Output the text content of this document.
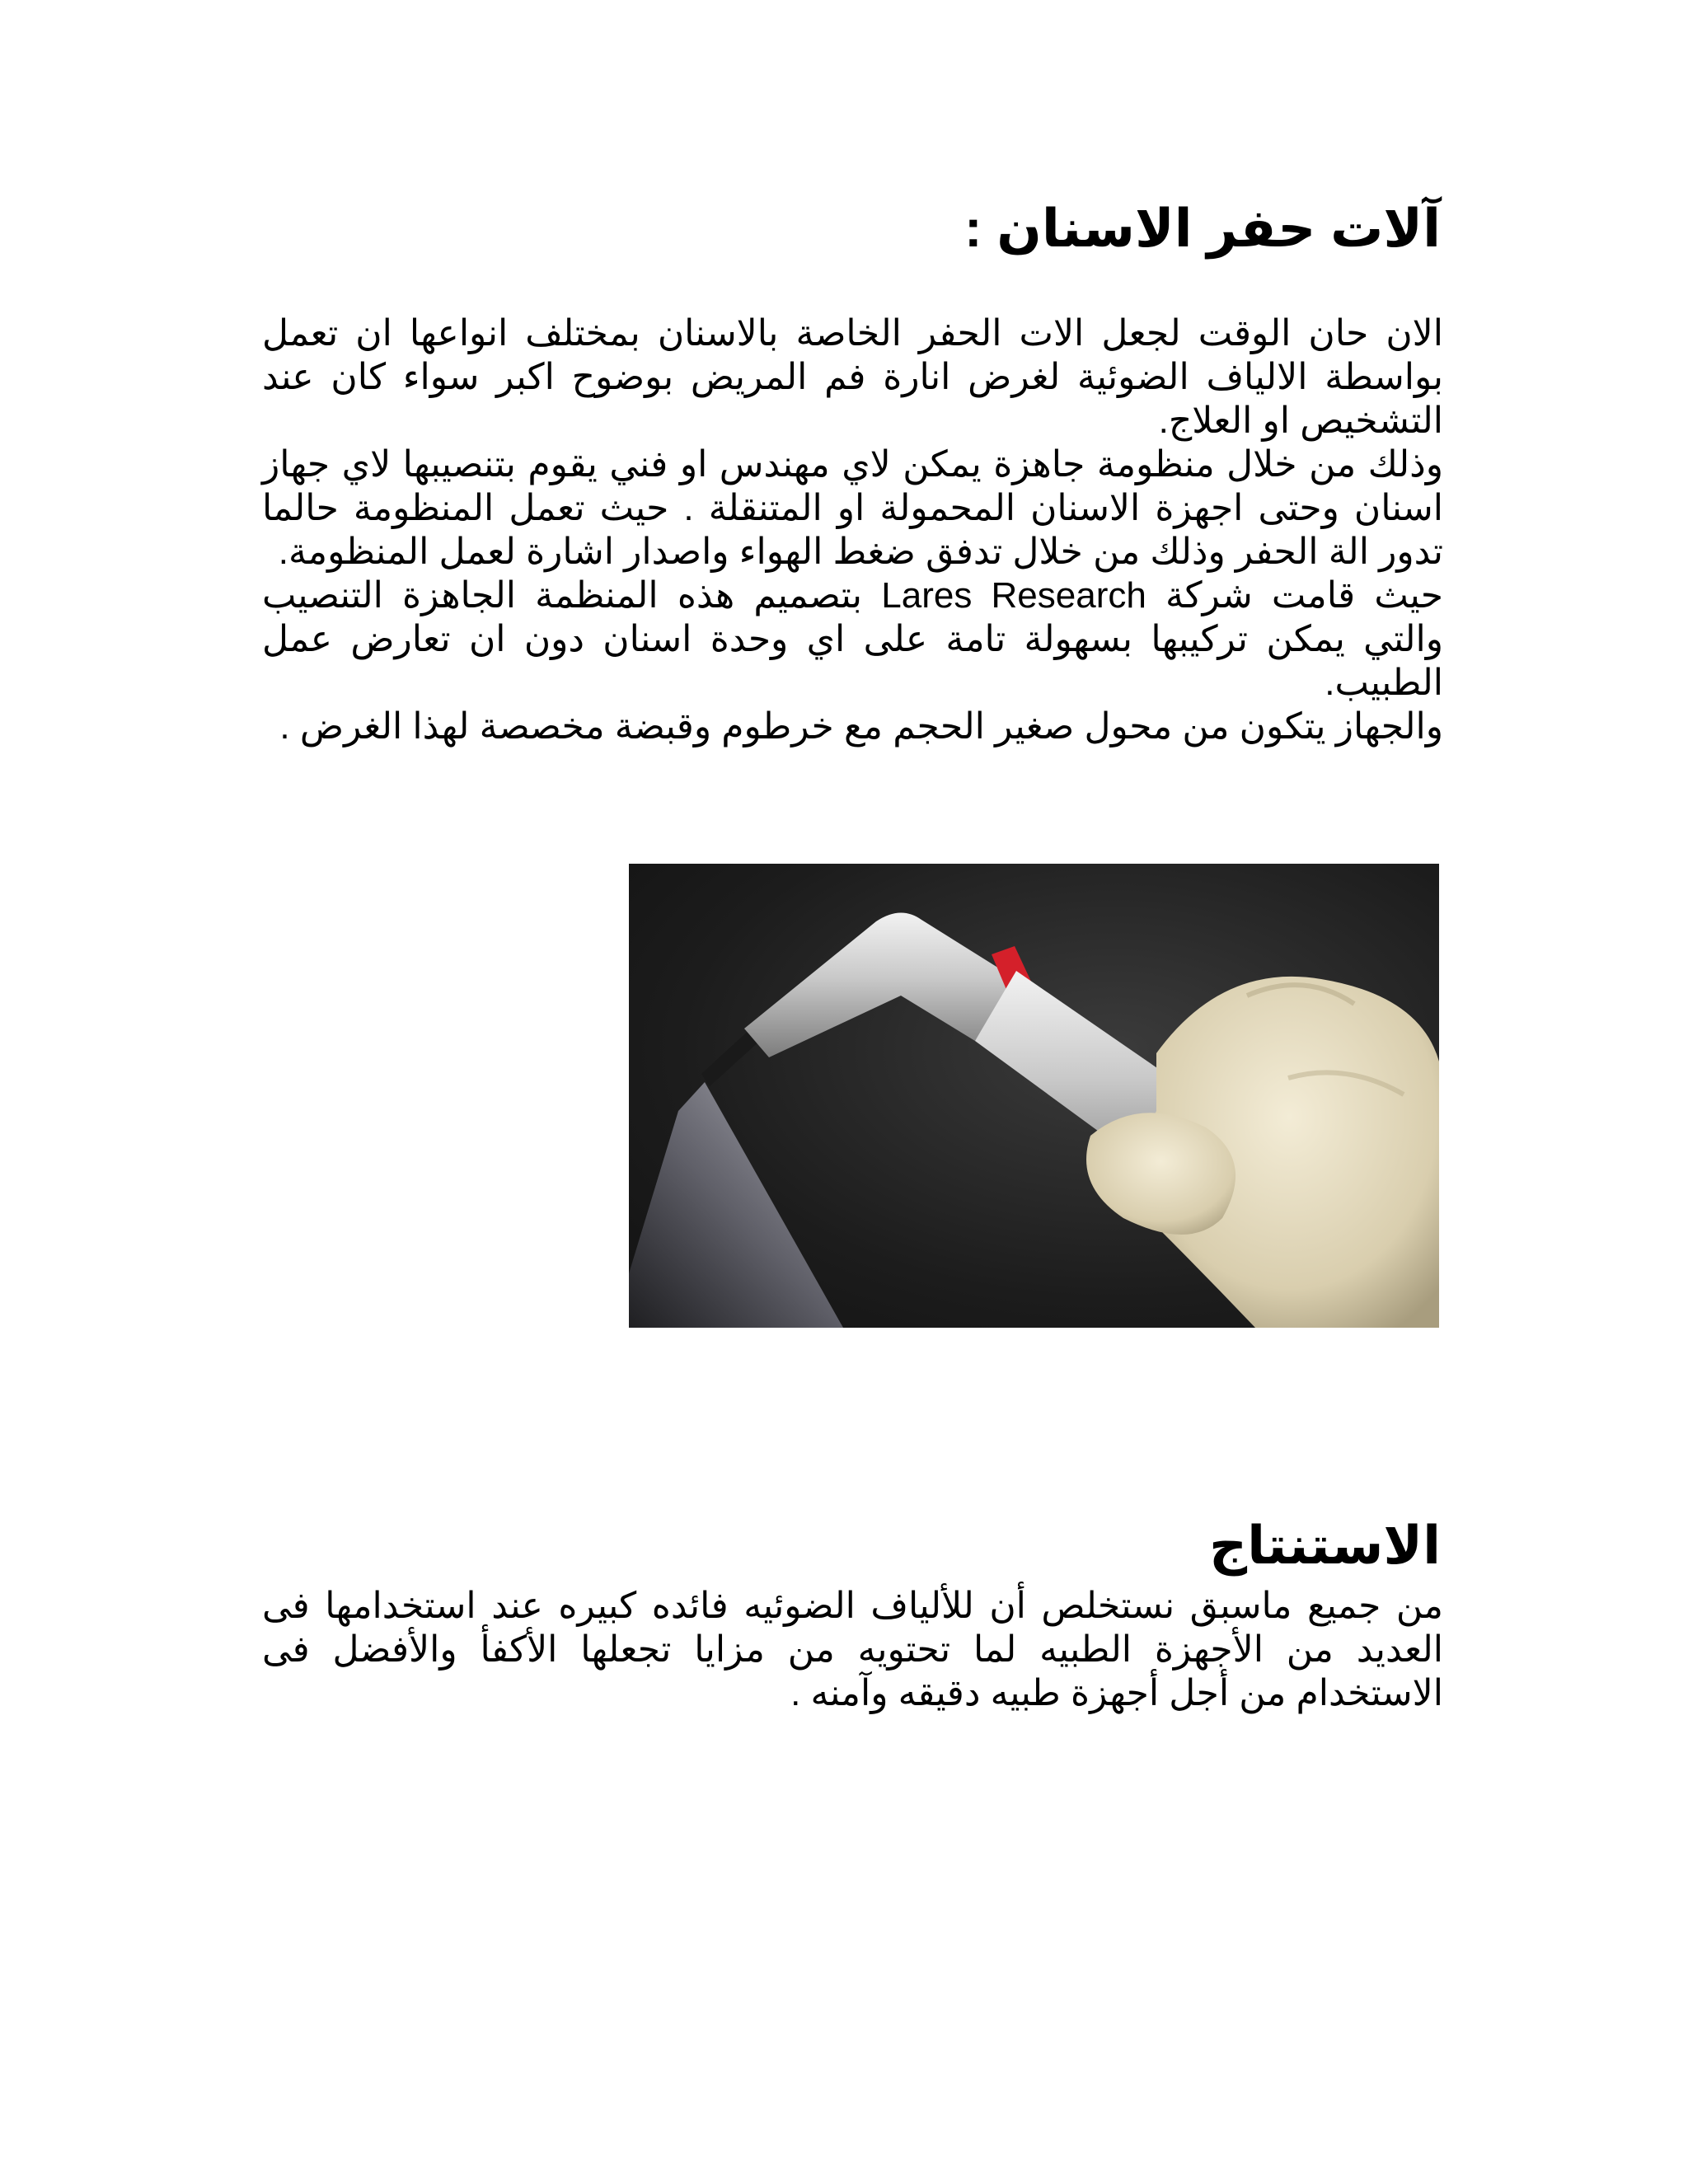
آلات حفر الاسنان :

الان حان الوقت لجعل الات الحفر الخاصة بالاسنان بمختلف انواعها ان تعمل بواسطة الالياف الضوئية لغرض انارة فم المريض بوضوح اكبر سواء كان عند التشخيص او العلاج.

وذلك من خلال منظومة جاهزة يمكن لاي مهندس او فني يقوم بتنصيبها لاي جهاز اسنان وحتى اجهزة الاسنان المحمولة او المتنقلة . حيث تعمل المنظومة حالما تدور الة الحفر وذلك من خلال تدفق ضغط الهواء واصدار اشارة لعمل المنظومة.

حيث قامت شركة Lares Research بتصميم هذه المنظمة الجاهزة التنصيب والتي يمكن تركيبها بسهولة تامة على اي وحدة اسنان دون ان تعارض عمل الطبيب.

والجهاز يتكون من محول صغير الحجم مع خرطوم وقبضة مخصصة لهذا الغرض .

الاستنتاج

من جميع ماسبق نستخلص أن للألياف الضوئيه فائده كبيره عند استخدامها فى العديد من الأجهزة الطبيه لما تحتويه من مزايا تجعلها الأكفأ والأفضل فى الاستخدام من أجل أجهزة طبيه دقيقه وآمنه .
